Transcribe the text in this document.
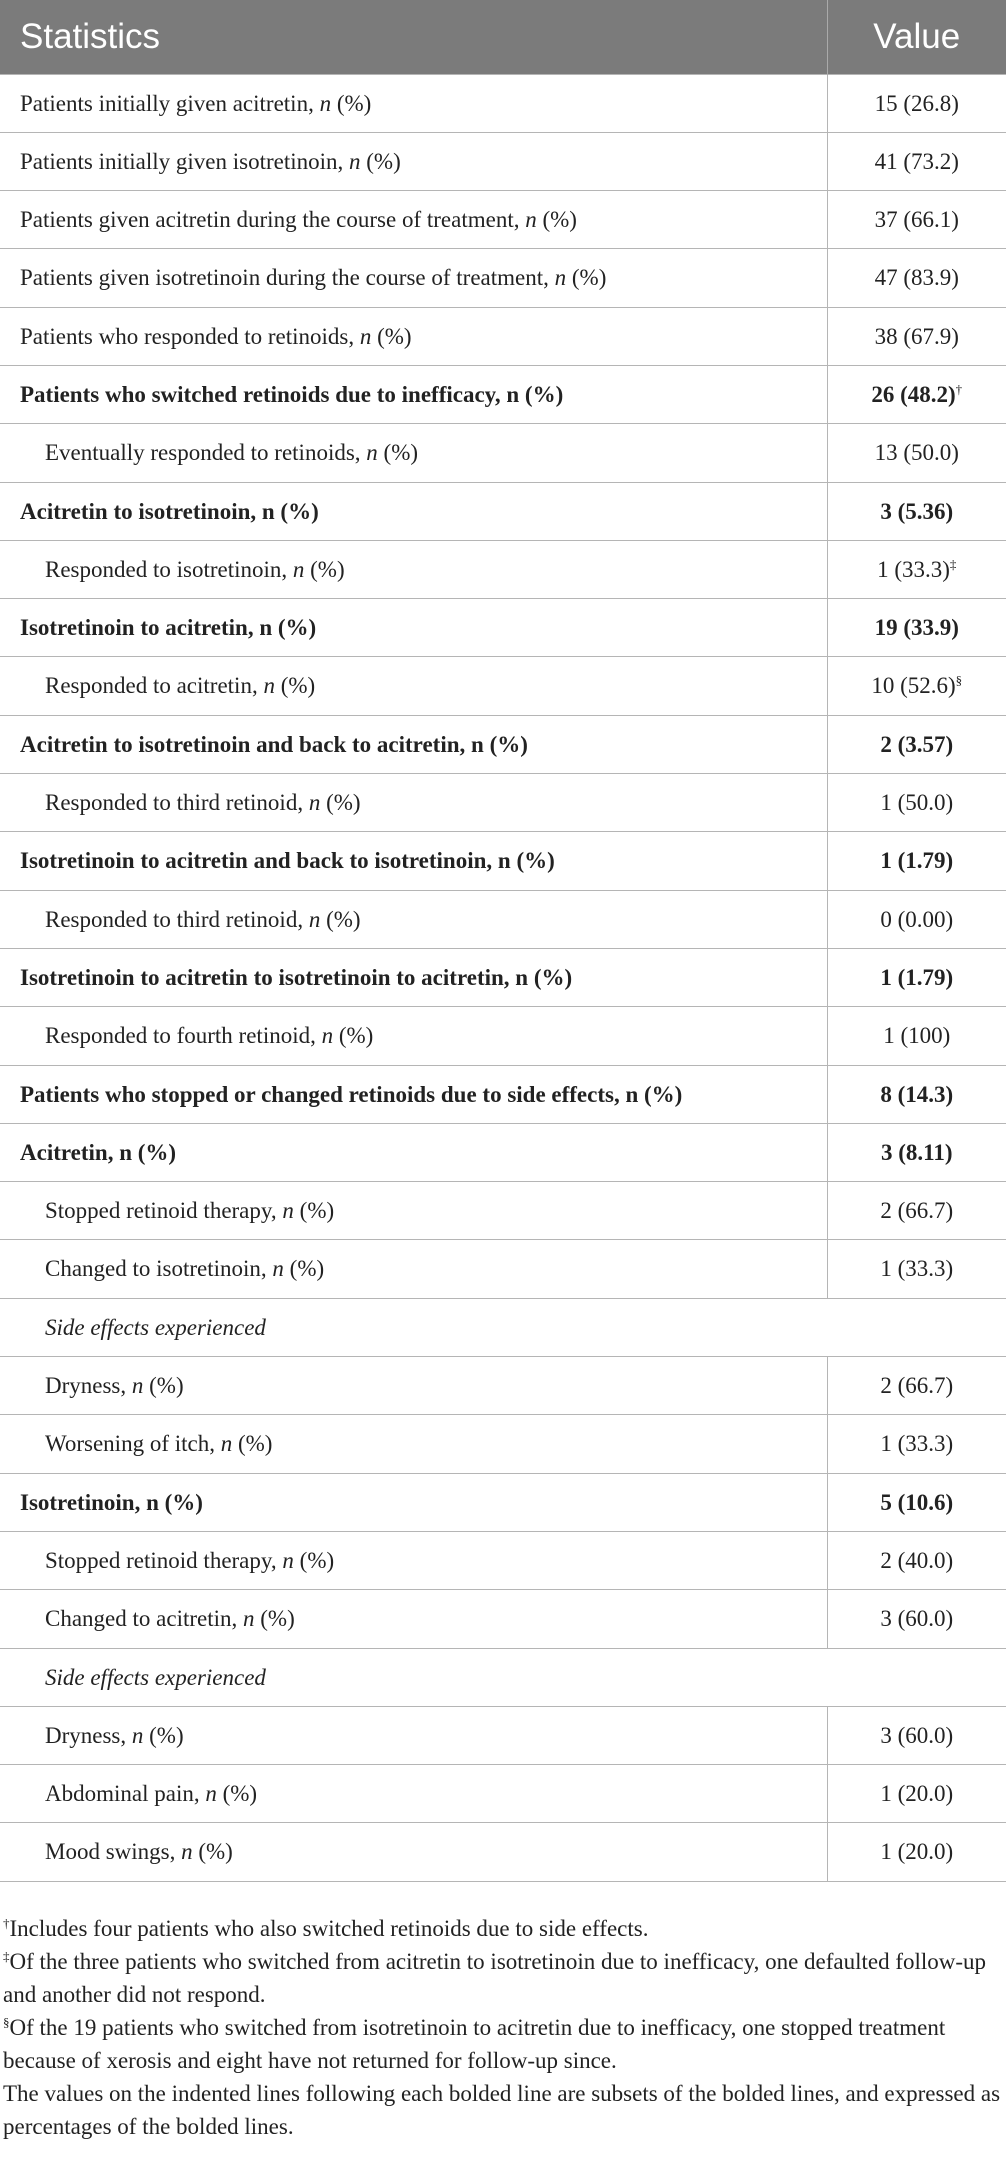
Statistics	Value
Patients initially given acitretin, n (%)	15 (26.8)
Patients initially given isotretinoin, n (%)	41 (73.2)
Patients given acitretin during the course of treatment, n (%)	37 (66.1)
Patients given isotretinoin during the course of treatment, n (%)	47 (83.9)
Patients who responded to retinoids, n (%)	38 (67.9)
Patients who switched retinoids due to inefficacy, n (%)	26 (48.2)†
Eventually responded to retinoids, n (%)	13 (50.0)
Acitretin to isotretinoin, n (%)	3 (5.36)
Responded to isotretinoin, n (%)	1 (33.3)‡
Isotretinoin to acitretin, n (%)	19 (33.9)
Responded to acitretin, n (%)	10 (52.6)§
Acitretin to isotretinoin and back to acitretin, n (%)	2 (3.57)
Responded to third retinoid, n (%)	1 (50.0)
Isotretinoin to acitretin and back to isotretinoin, n (%)	1 (1.79)
Responded to third retinoid, n (%)	0 (0.00)
Isotretinoin to acitretin to isotretinoin to acitretin, n (%)	1 (1.79)
Responded to fourth retinoid, n (%)	1 (100)
Patients who stopped or changed retinoids due to side effects, n (%)	8 (14.3)
Acitretin, n (%)	3 (8.11)
Stopped retinoid therapy, n (%)	2 (66.7)
Changed to isotretinoin, n (%)	1 (33.3)
Side effects experienced	
Dryness, n (%)	2 (66.7)
Worsening of itch, n (%)	1 (33.3)
Isotretinoin, n (%)	5 (10.6)
Stopped retinoid therapy, n (%)	2 (40.0)
Changed to acitretin, n (%)	3 (60.0)
Side effects experienced	
Dryness, n (%)	3 (60.0)
Abdominal pain, n (%)	1 (20.0)
Mood swings, n (%)	1 (20.0)

†Includes four patients who also switched retinoids due to side effects.

‡Of the three patients who switched from acitretin to isotretinoin due to inefficacy, one defaulted follow-up and another did not respond.

§Of the 19 patients who switched from isotretinoin to acitretin due to inefficacy, one stopped treatment because of xerosis and eight have not returned for follow-up since.

The values on the indented lines following each bolded line are subsets of the bolded lines, and expressed as percentages of the bolded lines.
